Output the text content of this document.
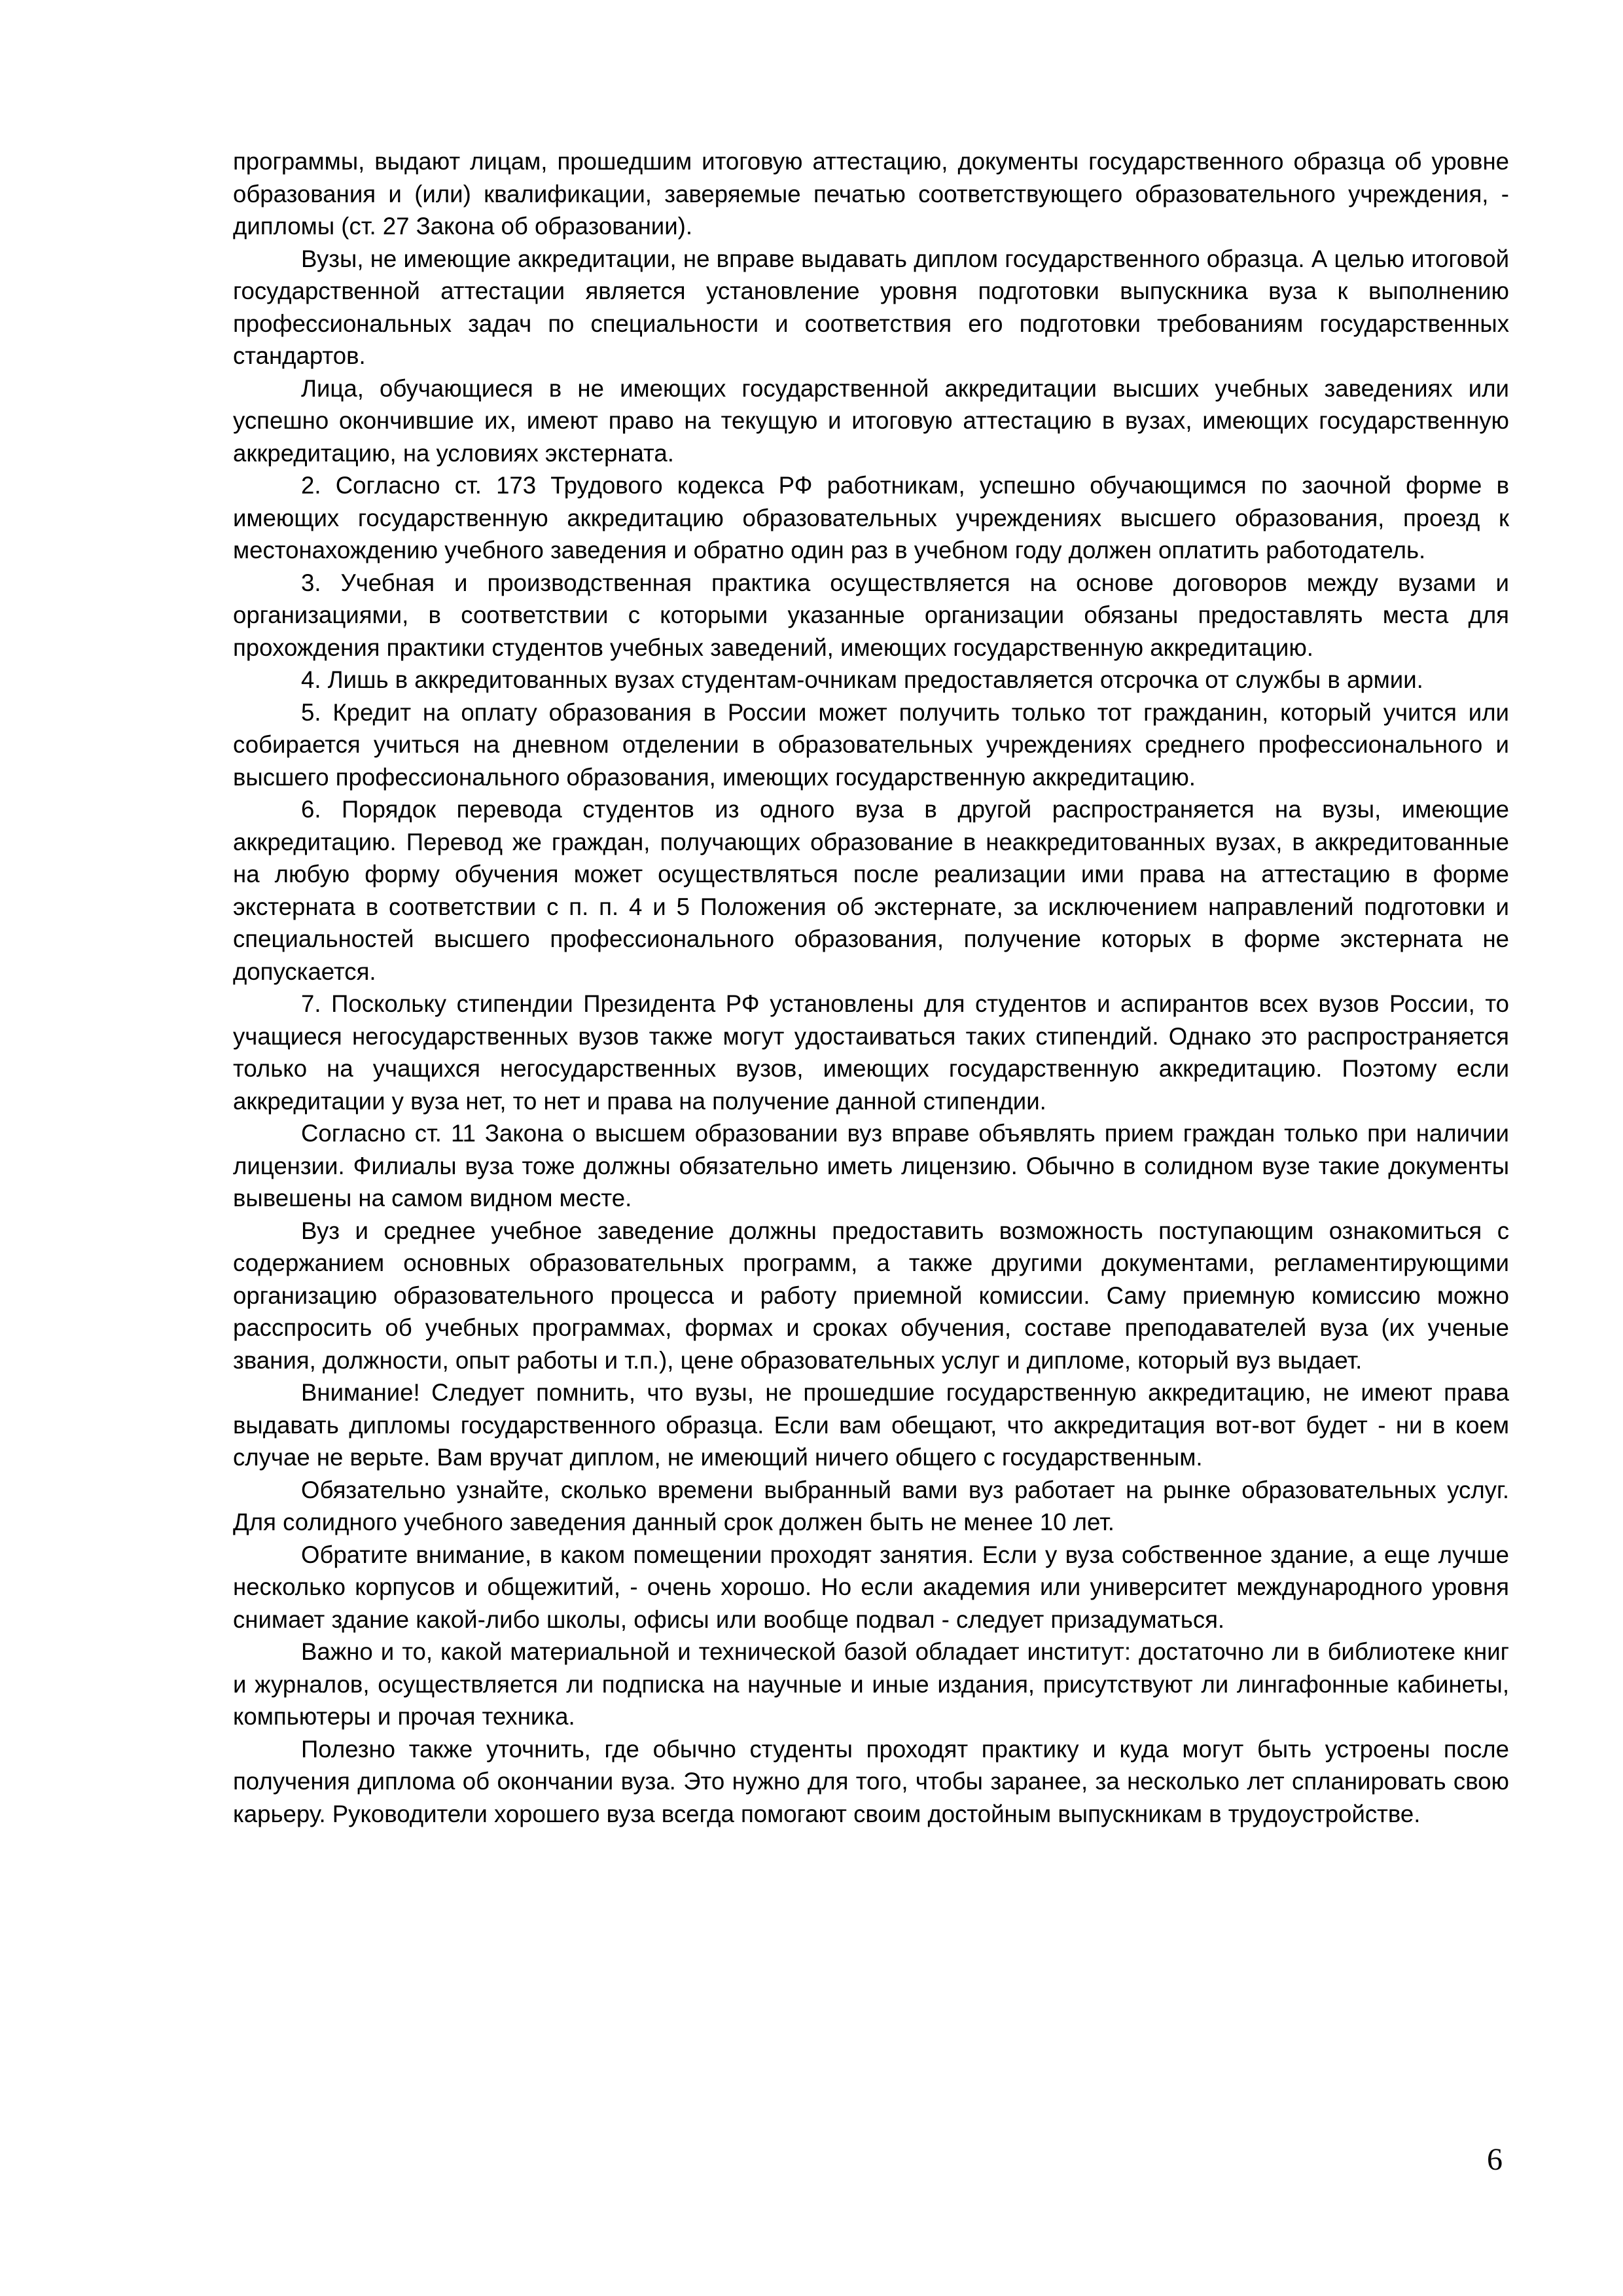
программы, выдают лицам, прошедшим итоговую аттестацию, документы государственного образца об уровне образования и (или) квалификации, заверяемые печатью соответствующего образовательного учреждения, - дипломы (ст. 27 Закона об образовании).

Вузы, не имеющие аккредитации, не вправе выдавать диплом государственного образца. А целью итоговой государственной аттестации является установление уровня подготовки выпускника вуза к выполнению профессиональных задач по специальности и соответствия его подготовки требованиям государственных стандартов.

Лица, обучающиеся в не имеющих государственной аккредитации высших учебных заведениях или успешно окончившие их, имеют право на текущую и итоговую аттестацию в вузах, имеющих государственную аккредитацию, на условиях экстерната.

2. Согласно ст. 173 Трудового кодекса РФ работникам, успешно обучающимся по заочной форме в имеющих государственную аккредитацию образовательных учреждениях высшего образования, проезд к местонахождению учебного заведения и обратно один раз в учебном году должен оплатить работодатель.

3. Учебная и производственная практика осуществляется на основе договоров между вузами и организациями, в соответствии с которыми указанные организации обязаны предоставлять места для прохождения практики студентов учебных заведений, имеющих государственную аккредитацию.

4. Лишь в аккредитованных вузах студентам-очникам предоставляется отсрочка от службы в армии.

5. Кредит на оплату образования в России может получить только тот гражданин, который учится или собирается учиться на дневном отделении в образовательных учреждениях среднего профессионального и высшего профессионального образования, имеющих государственную аккредитацию.

6. Порядок перевода студентов из одного вуза в другой распространяется на вузы, имеющие аккредитацию. Перевод же граждан, получающих образование в неаккредитованных вузах, в аккредитованные на любую форму обучения может осуществляться после реализации ими права на аттестацию в форме экстерната в соответствии с п. п. 4 и 5 Положения об экстернате, за исключением направлений подготовки и специальностей высшего профессионального образования, получение которых в форме экстерната не допускается.

7. Поскольку стипендии Президента РФ установлены для студентов и аспирантов всех вузов России, то учащиеся негосударственных вузов также могут удостаиваться таких стипендий. Однако это распространяется только на учащихся негосударственных вузов, имеющих государственную аккредитацию. Поэтому если аккредитации у вуза нет, то нет и права на получение данной стипендии.

Согласно ст. 11 Закона о высшем образовании вуз вправе объявлять прием граждан только при наличии лицензии. Филиалы вуза тоже должны обязательно иметь лицензию. Обычно в солидном вузе такие документы вывешены на самом видном месте.

Вуз и среднее учебное заведение должны предоставить возможность поступающим ознакомиться с содержанием основных образовательных программ, а также другими документами, регламентирующими организацию образовательного процесса и работу приемной комиссии. Саму приемную комиссию можно расспросить об учебных программах, формах и сроках обучения, составе преподавателей вуза (их ученые звания, должности, опыт работы и т.п.), цене образовательных услуг и дипломе, который вуз выдает.

Внимание! Следует помнить, что вузы, не прошедшие государственную аккредитацию, не имеют права выдавать дипломы государственного образца. Если вам обещают, что аккредитация вот-вот будет - ни в коем случае не верьте. Вам вручат диплом, не имеющий ничего общего с государственным.

Обязательно узнайте, сколько времени выбранный вами вуз работает на рынке образовательных услуг. Для солидного учебного заведения данный срок должен быть не менее 10 лет.

Обратите внимание, в каком помещении проходят занятия. Если у вуза собственное здание, а еще лучше несколько корпусов и общежитий, - очень хорошо. Но если академия или университет международного уровня снимает здание какой-либо школы, офисы или вообще подвал - следует призадуматься.

Важно и то, какой материальной и технической базой обладает институт: достаточно ли в библиотеке книг и журналов, осуществляется ли подписка на научные и иные издания, присутствуют ли лингафонные кабинеты, компьютеры и прочая техника.

Полезно также уточнить, где обычно студенты проходят практику и куда могут быть устроены после получения диплома об окончании вуза. Это нужно для того, чтобы заранее, за несколько лет спланировать свою карьеру. Руководители хорошего вуза всегда помогают своим достойным выпускникам в трудоустройстве.

6
